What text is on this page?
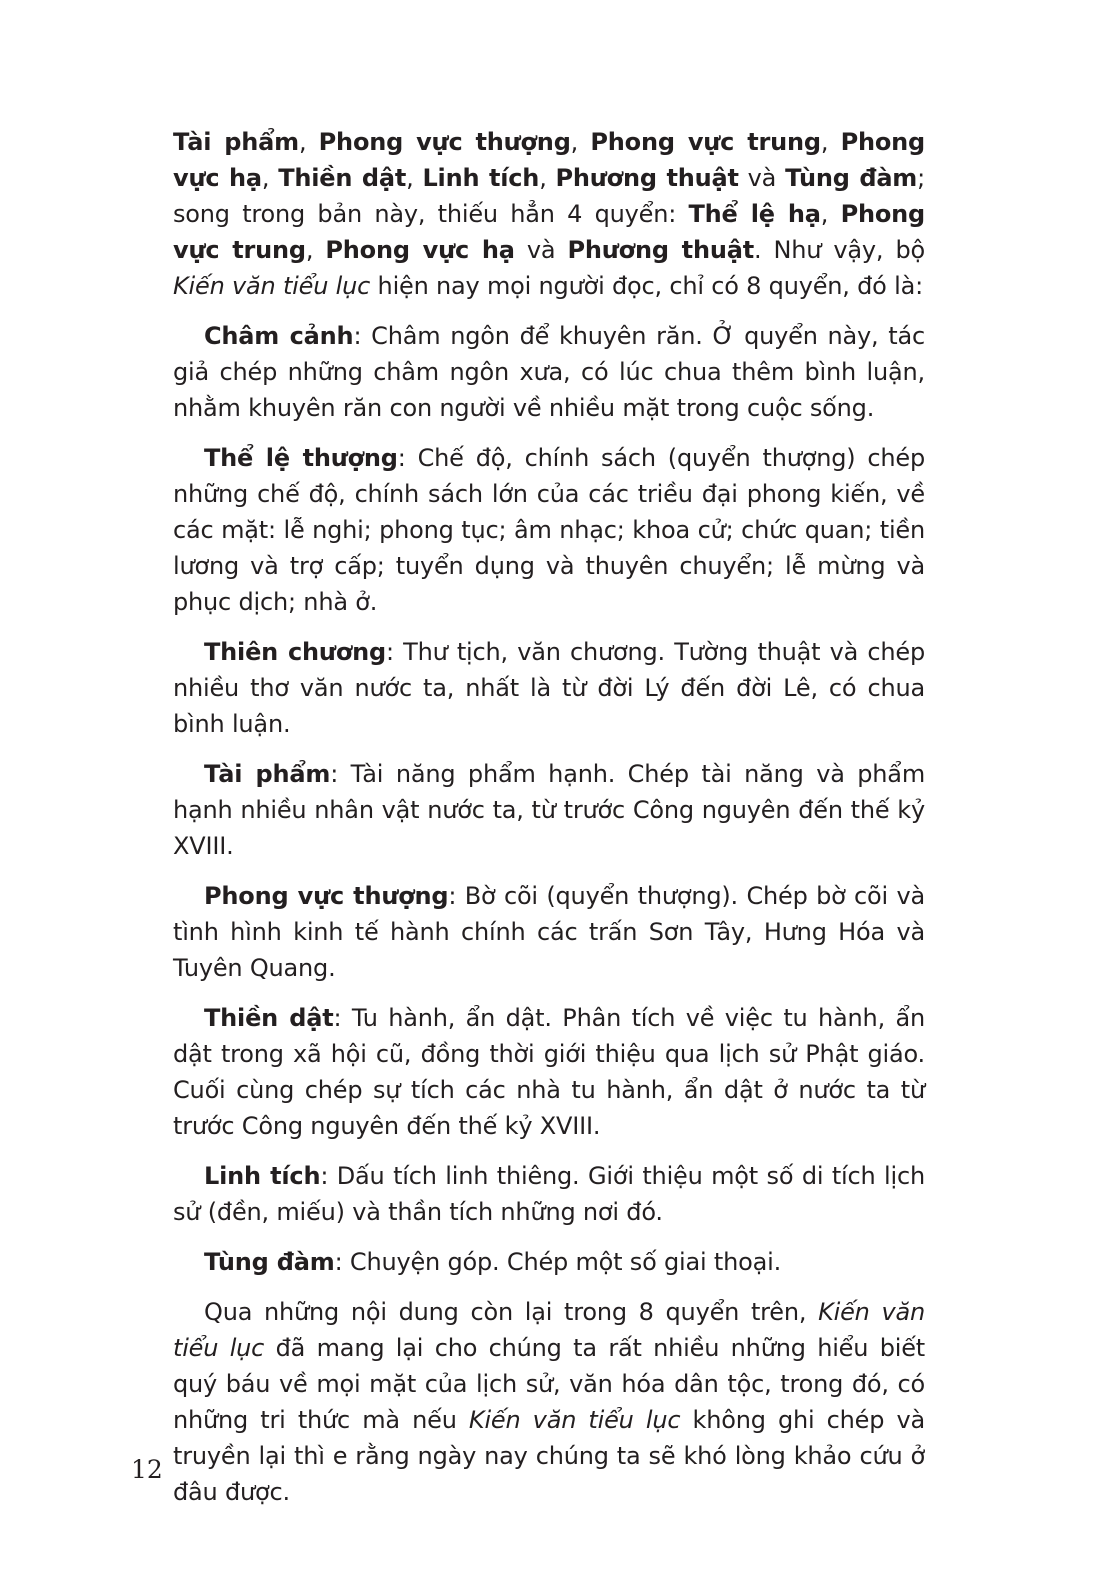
Tài phẩm, Phong vực thượng, Phong vực trung, Phong vực hạ, Thiền dật, Linh tích, Phương thuật và Tùng đàm; song trong bản này, thiếu hẳn 4 quyển: Thể lệ hạ, Phong vực trung, Phong vực hạ và Phương thuật. Như vậy, bộ Kiến văn tiểu lục hiện nay mọi người đọc, chỉ có 8 quyển, đó là:

Châm cảnh: Châm ngôn để khuyên răn. Ở quyển này, tác giả chép những châm ngôn xưa, có lúc chua thêm bình luận, nhằm khuyên răn con người về nhiều mặt trong cuộc sống.

Thể lệ thượng: Chế độ, chính sách (quyển thượng) chép những chế độ, chính sách lớn của các triều đại phong kiến, về các mặt: lễ nghi; phong tục; âm nhạc; khoa cử; chức quan; tiền lương và trợ cấp; tuyển dụng và thuyên chuyển; lễ mừng và phục dịch; nhà ở.

Thiên chương: Thư tịch, văn chương. Tường thuật và chép nhiều thơ văn nước ta, nhất là từ đời Lý đến đời Lê, có chua bình luận.

Tài phẩm: Tài năng phẩm hạnh. Chép tài năng và phẩm hạnh nhiều nhân vật nước ta, từ trước Công nguyên đến thế kỷ XVIII.

Phong vực thượng: Bờ cõi (quyển thượng). Chép bờ cõi và tình hình kinh tế hành chính các trấn Sơn Tây, Hưng Hóa và Tuyên Quang.

Thiền dật: Tu hành, ẩn dật. Phân tích về việc tu hành, ẩn dật trong xã hội cũ, đồng thời giới thiệu qua lịch sử Phật giáo. Cuối cùng chép sự tích các nhà tu hành, ẩn dật ở nước ta từ trước Công nguyên đến thế kỷ XVIII.

Linh tích: Dấu tích linh thiêng. Giới thiệu một số di tích lịch sử (đền, miếu) và thần tích những nơi đó.

Tùng đàm: Chuyện góp. Chép một số giai thoại.

Qua những nội dung còn lại trong 8 quyển trên, Kiến văn tiểu lục đã mang lại cho chúng ta rất nhiều những hiểu biết quý báu về mọi mặt của lịch sử, văn hóa dân tộc, trong đó, có những tri thức mà nếu Kiến văn tiểu lục không ghi chép và truyền lại thì e rằng ngày nay chúng ta sẽ khó lòng khảo cứu ở đâu được.

12
